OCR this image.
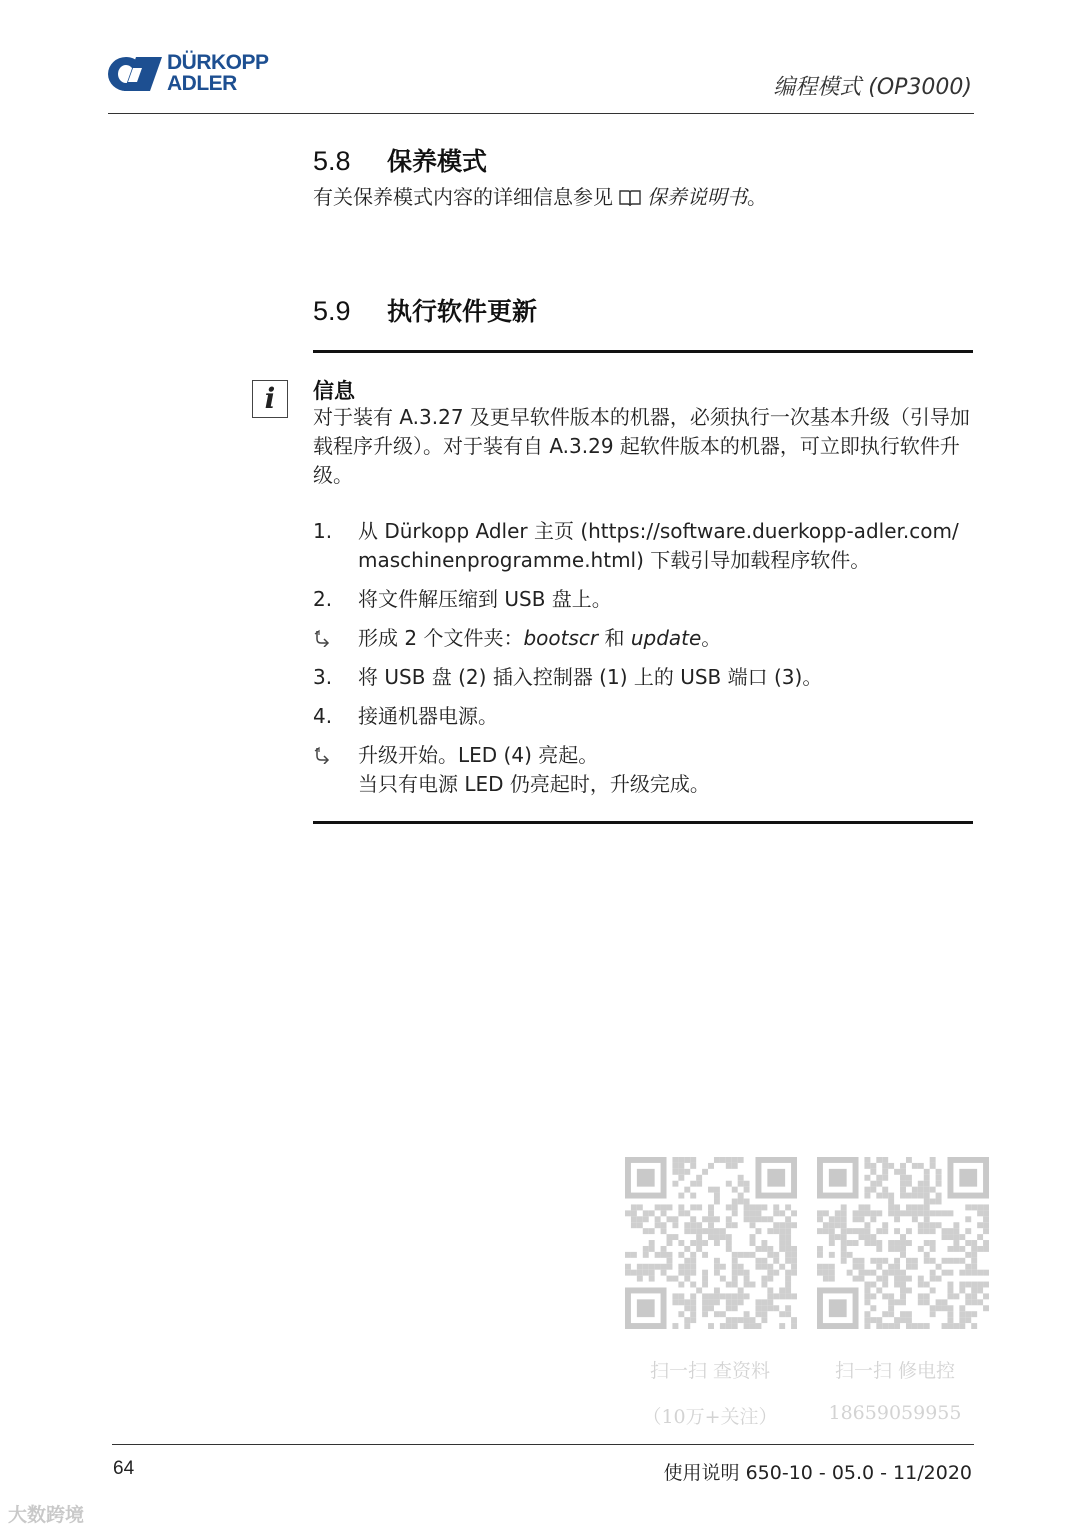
DÜRKOPP
ADLER	编程模式 (OP3000)
5.8 保养模式
有关保养模式内容的详细信息参见 保养说明书。
5.9 执行软件更新
i	信息
对于装有 A.3.27 及更早软件版本的机器，必须执行一次基本升级（引导加载程序升级）。对于装有自 A.3.29 起软件版本的机器，可立即执行软件升级。
1.	从 Dürkopp Adler 主页 (https://software.duerkopp-adler.com/
maschinenprogramme.html) 下载引导加载程序软件。
2.	将文件解压缩到 USB 盘上。
形成 2 个文件夹：bootscr 和 update。
3.	将 USB 盘 (2) 插入控制器 (1) 上的 USB 端口 (3)。
4.	接通机器电源。
升级开始。LED (4) 亮起。
当只有电源 LED 仍亮起时，升级完成。
扫一扫 查资料
（10万+关注）
扫一扫 修电控
18659059955
64	使用说明 650-10 - 05.0 - 11/2020
大数跨境
